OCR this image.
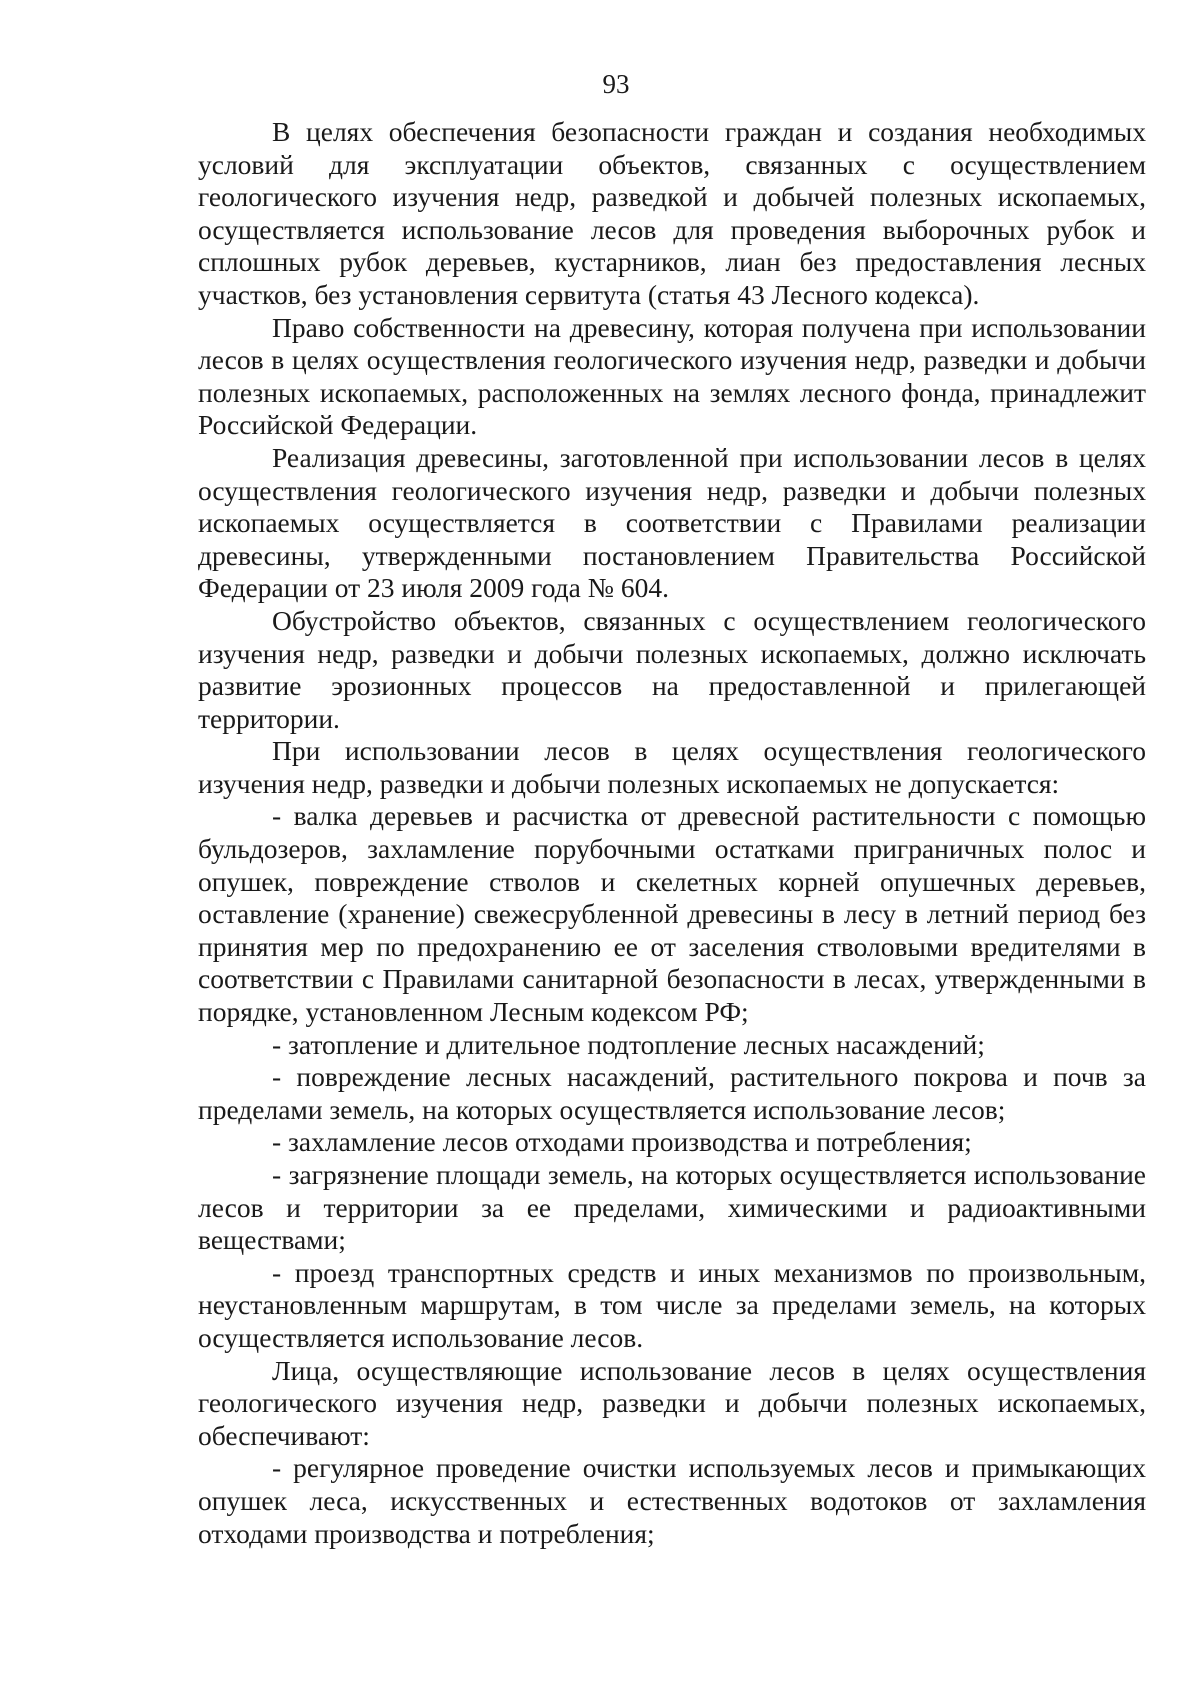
93

В целях обеспечения безопасности граждан и создания необходимых условий для эксплуатации объектов, связанных с осуществлением геологического изучения недр, разведкой и добычей полезных ископаемых, осуществляется использование лесов для проведения выборочных рубок и сплошных рубок деревьев, кустарников, лиан без предоставления лесных участков, без установления сервитута (статья 43 Лесного кодекса).

Право собственности на древесину, которая получена при использовании лесов в целях осуществления геологического изучения недр, разведки и добычи полезных ископаемых, расположенных на землях лесного фонда, принадлежит Российской Федерации.

Реализация древесины, заготовленной при использовании лесов в целях осуществления геологического изучения недр, разведки и добычи полезных ископаемых осуществляется в соответствии с Правилами реализации древесины, утвержденными постановлением Правительства Российской Федерации от 23 июля 2009 года № 604.

Обустройство объектов, связанных с осуществлением геологического изучения недр, разведки и добычи полезных ископаемых, должно исключать развитие эрозионных процессов на предоставленной и прилегающей территории.

При использовании лесов в целях осуществления геологического изучения недр, разведки и добычи полезных ископаемых не допускается:

- валка деревьев и расчистка от древесной растительности с помощью бульдозеров, захламление порубочными остатками приграничных полос и опушек, повреждение стволов и скелетных корней опушечных деревьев, оставление (хранение) свежесрубленной древесины в лесу в летний период без принятия мер по предохранению ее от заселения стволовыми вредителями в соответствии с Правилами санитарной безопасности в лесах, утвержденными в порядке, установленном Лесным кодексом РФ;

- затопление и длительное подтопление лесных насаждений;

- повреждение лесных насаждений, растительного покрова и почв за пределами земель, на которых осуществляется использование лесов;

- захламление лесов отходами производства и потребления;

- загрязнение площади земель, на которых осуществляется использование лесов и территории за ее пределами, химическими и радиоактивными веществами;

- проезд транспортных средств и иных механизмов по произвольным, неустановленным маршрутам, в том числе за пределами земель, на которых осуществляется использование лесов.

Лица, осуществляющие использование лесов в целях осуществления геологического изучения недр, разведки и добычи полезных ископаемых, обеспечивают:

- регулярное проведение очистки используемых лесов и примыкающих опушек леса, искусственных и естественных водотоков от захламления отходами производства и потребления;
